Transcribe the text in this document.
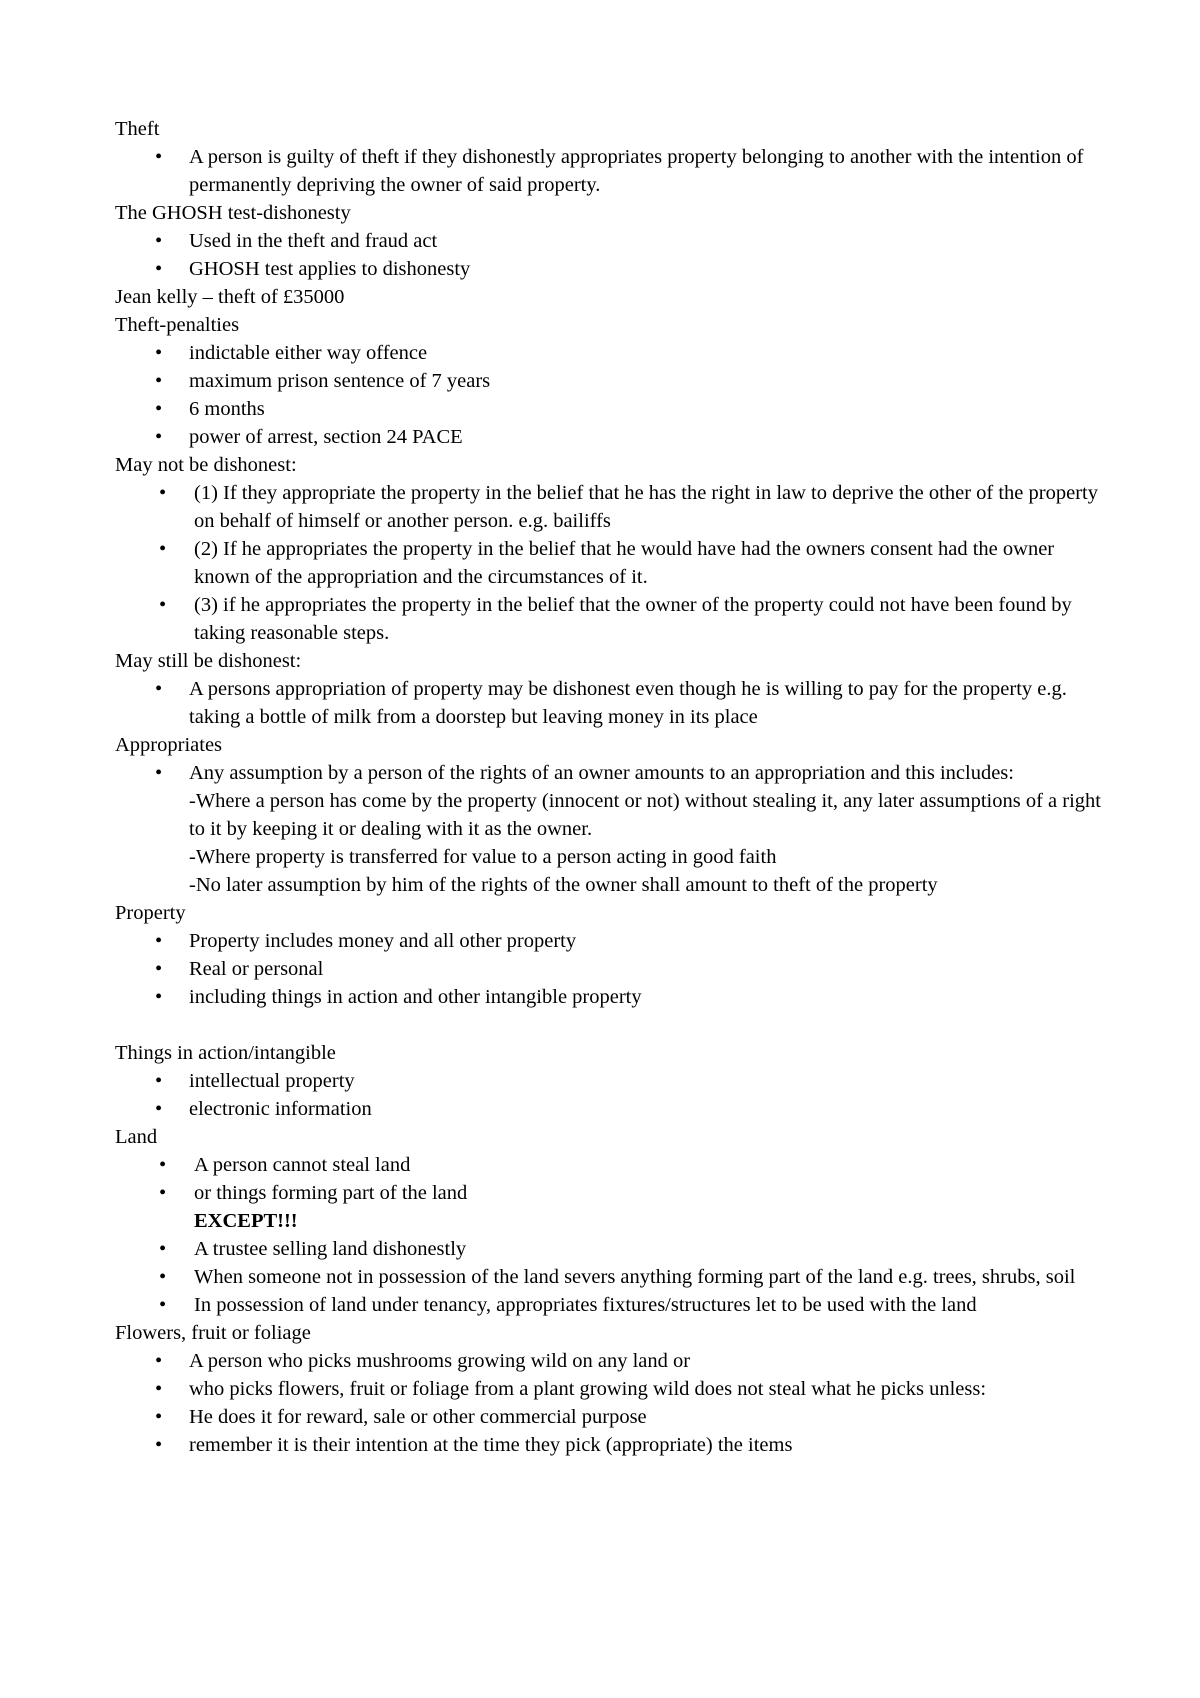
Theft
• A person is guilty of theft if they dishonestly appropriates property belonging to another with the intention of permanently depriving the owner of said property.
The GHOSH test-dishonesty
• Used in the theft and fraud act
• GHOSH test applies to dishonesty
Jean kelly – theft of £35000
Theft-penalties
• indictable either way offence
• maximum prison sentence of 7 years
• 6 months
• power of arrest, section 24 PACE
May not be dishonest:
• (1) If they appropriate the property in the belief that he has the right in law to deprive the other of the property on behalf of himself or another person. e.g. bailiffs
• (2) If he appropriates the property in the belief that he would have had the owners consent had the owner known of the appropriation and the circumstances of it.
• (3) if he appropriates the property in the belief that the owner of the property could not have been found by taking reasonable steps.
May still be dishonest:
• A persons appropriation of property may be dishonest even though he is willing to pay for the property e.g. taking a bottle of milk from a doorstep but leaving money in its place
Appropriates
• Any assumption by a person of the rights of an owner amounts to an appropriation and this includes:
-Where a person has come by the property (innocent or not) without stealing it, any later assumptions of a right to it by keeping it or dealing with it as the owner.
-Where property is transferred for value to a person acting in good faith
-No later assumption by him of the rights of the owner shall amount to theft of the property
Property
• Property includes money and all other property
• Real or personal
• including things in action and other intangible property
Things in action/intangible
• intellectual property
• electronic information
Land
• A person cannot steal land
• or things forming part of the land
EXCEPT!!!
• A trustee selling land dishonestly
• When someone not in possession of the land severs anything forming part of the land e.g. trees, shrubs, soil
• In possession of land under tenancy, appropriates fixtures/structures let to be used with the land
Flowers, fruit or foliage
• A person who picks mushrooms growing wild on any land or
• who picks flowers, fruit or foliage from a plant growing wild does not steal what he picks unless:
• He does it for reward, sale or other commercial purpose
• remember it is their intention at the time they pick (appropriate) the items
